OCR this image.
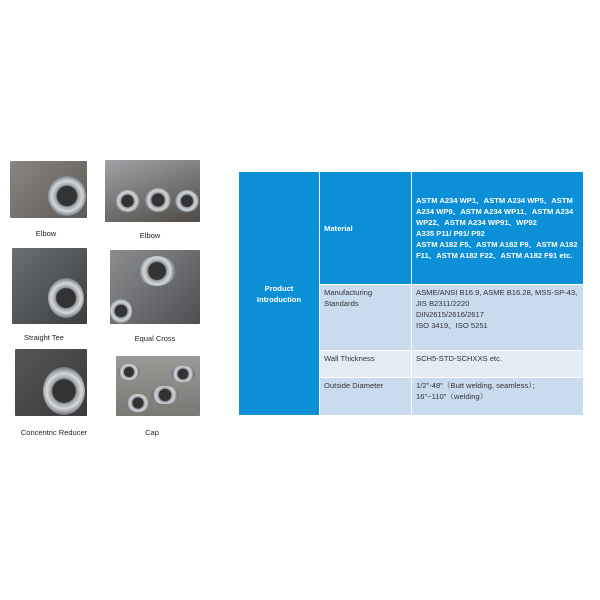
Elbow	Elbow
Straight Tee	Equal Cross
Concentric Reducer	Cap
Product Introduction	Material	ASTM A234 WP1、ASTM A234 WP5、ASTM A234 WP9、ASTM A234 WP11、ASTM A234 WP22、ASTM A234 WP91、WP92
A335 P11/ P91/ P92
ASTM A182 F5、ASTM A182 F9、ASTM A182 F11、ASTM A182 F22、ASTM A182 F91 etc.

	Manufacturing Standards	ASME/ANSI B16.9, ASME B16.28, MSS-SP-43,
JIS B2311/2220
DIN2615/2616/2617
ISO 3419、ISO 5251

	Wall Thickness	SCH5-STD-SCHXXS etc.

	Outside Diameter	1/2"-48"（Butt welding, seamless）；
16"~110"（welding）
